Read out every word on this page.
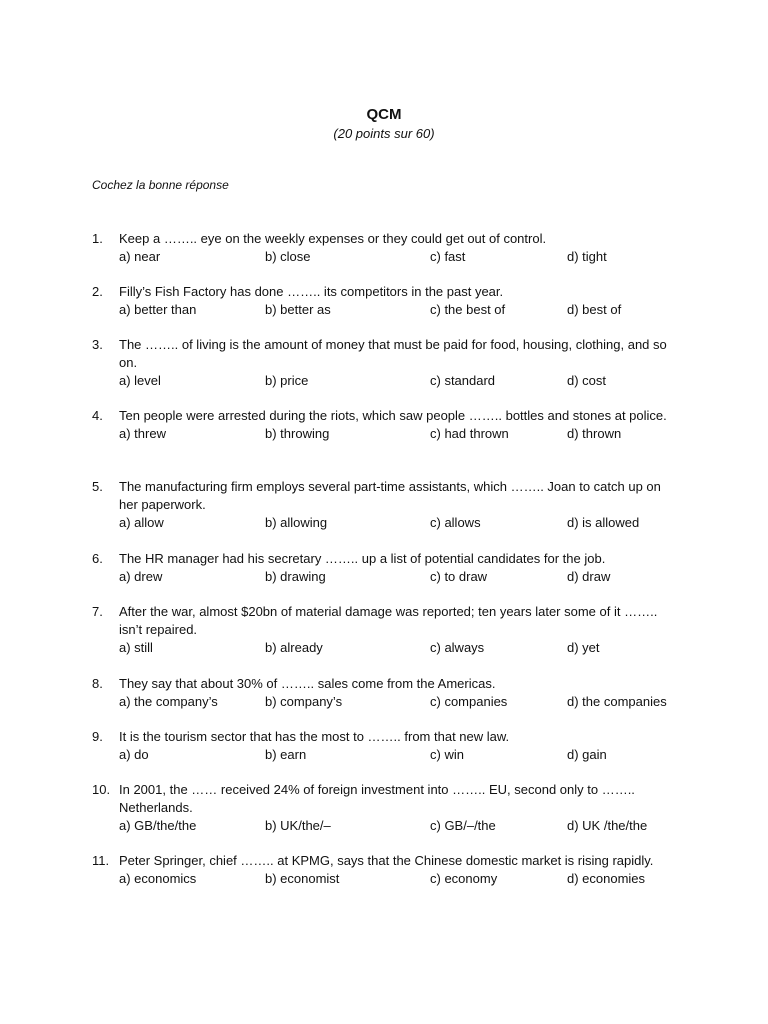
QCM
(20 points sur 60)
Cochez la bonne réponse
1. Keep a …….. eye on the weekly expenses or they could get out of control.
a) near	b) close	c) fast	d) tight
2. Filly’s Fish Factory has done …….. its competitors in the past year.
a) better than	b) better as	c) the best of	d) best of
3. The …….. of living is the amount of money that must be paid for food, housing, clothing, and so on.
a) level	b) price	c) standard	d) cost
4. Ten people were arrested during the riots, which saw people …….. bottles and stones at police.
a) threw	b) throwing	c) had thrown	d) thrown
5. The manufacturing firm employs several part-time assistants, which …….. Joan to catch up on her paperwork.
a) allow	b) allowing	c) allows	d) is allowed
6. The HR manager had his secretary …….. up a list of potential candidates for the job.
a) drew	b) drawing	c) to draw	d) draw
7. After the war, almost $20bn of material damage was reported; ten years later some of it …….. isn’t repaired.
a) still	b) already	c) always	d) yet
8. They say that about 30% of …….. sales come from the Americas.
a) the company’s	b) company’s	c) companies	d) the companies
9. It is the tourism sector that has the most to …….. from that new law.
a) do	b) earn	c) win	d) gain
10. In 2001, the …… received 24% of foreign investment into …….. EU, second only to …….. Netherlands.
a) GB/the/the	b) UK/the/–	c) GB/–/the	d) UK /the/the
11. Peter Springer, chief …….. at KPMG, says that the Chinese domestic market is rising rapidly.
a) economics	b) economist	c) economy	d) economies
